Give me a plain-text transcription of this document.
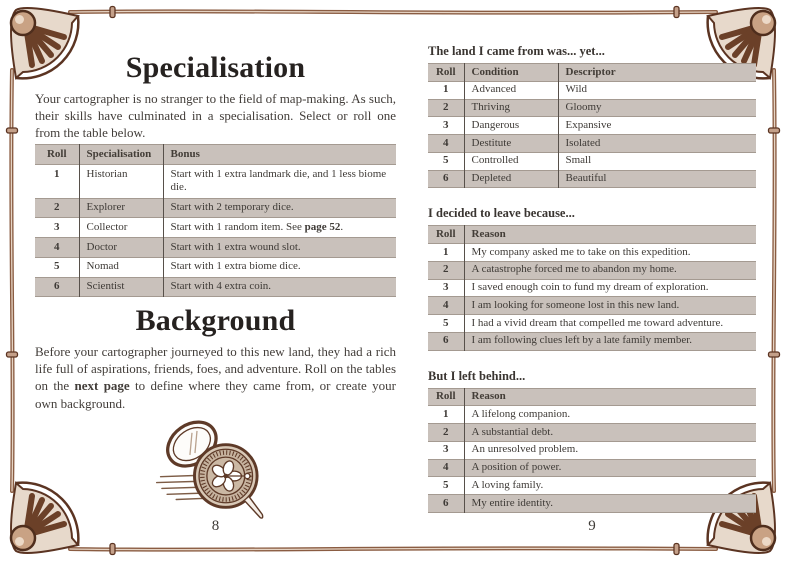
Specialisation

Your cartographer is no stranger to the field of map-making. As such, their skills have culminated in a specialisation. Select or roll one from the table below.

Roll	Specialisation	Bonus
1	Historian	Start with 1 extra landmark die, and 1 less biome die.
2	Explorer	Start with 2 temporary dice.
3	Collector	Start with 1 random item. See page 52.
4	Doctor	Start with 1 extra wound slot.
5	Nomad	Start with 1 extra biome dice.
6	Scientist	Start with 4 extra coin.
Background

Before your cartographer journeyed to this new land, they had a rich life full of aspirations, friends, foes, and adventure. Roll on the tables on the next page to define where they came from, or create your own background.

8
The land I came from was... yet...
Roll	Condition	Descriptor
1	Advanced	Wild
2	Thriving	Gloomy
3	Dangerous	Expansive
4	Destitute	Isolated
5	Controlled	Small
6	Depleted	Beautiful
I decided to leave because...
Roll	Reason
1	My company asked me to take on this expedition.
2	A catastrophe forced me to abandon my home.
3	I saved enough coin to fund my dream of exploration.
4	I am looking for someone lost in this new land.
5	I had a vivid dream that compelled me toward adventure.
6	I am following clues left by a late family member.
But I left behind...
Roll	Reason
1	A lifelong companion.
2	A substantial debt.
3	An unresolved problem.
4	A position of power.
5	A loving family.
6	My entire identity.
9
